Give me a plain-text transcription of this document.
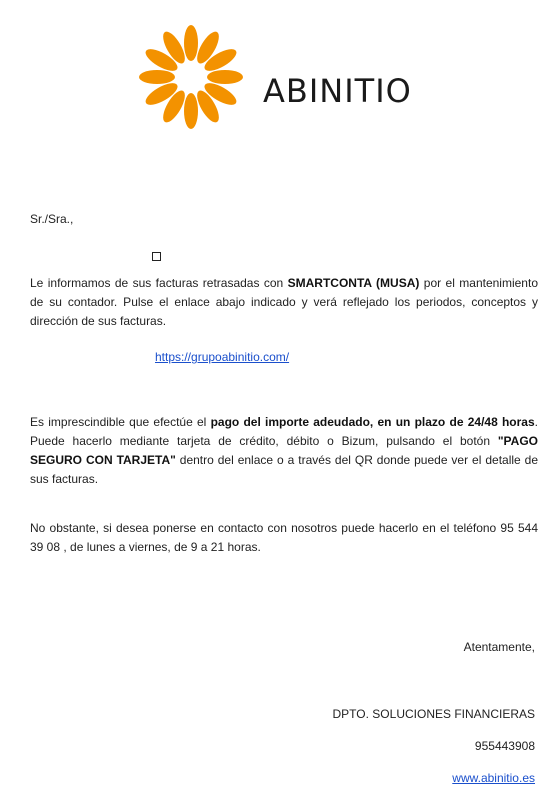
ABINITIO
Sr./Sra.,
Le informamos de sus facturas retrasadas con SMARTCONTA (MUSA) por el mantenimiento de su contador. Pulse el enlace abajo indicado y verá reflejado los periodos, conceptos y dirección de sus facturas.
https://grupoabinitio.com/
Es imprescindible que efectúe el pago del importe adeudado, en un plazo de 24/48 horas. Puede hacerlo mediante tarjeta de crédito, débito o Bizum, pulsando el botón "PAGO SEGURO CON TARJETA" dentro del enlace o a través del QR donde puede ver el detalle de sus facturas.
No obstante, si desea ponerse en contacto con nosotros puede hacerlo en el teléfono 95 544 39 08 , de lunes a viernes, de 9 a 21 horas.
Atentamente,
DPTO. SOLUCIONES FINANCIERAS
955443908
www.abinitio.es
